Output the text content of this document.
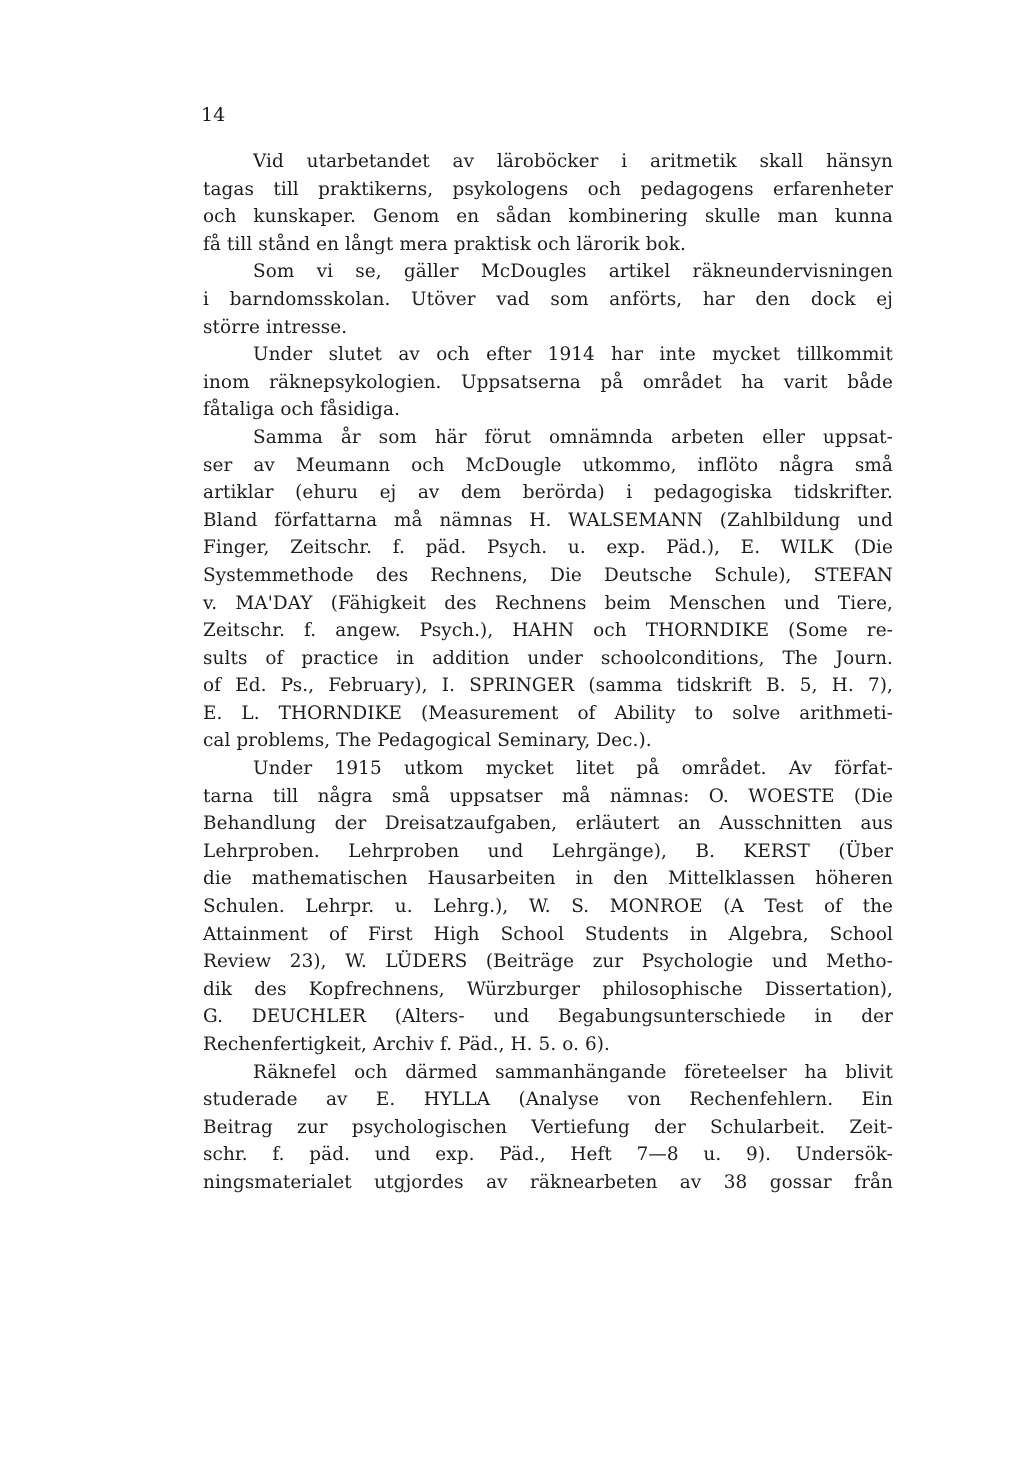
14
Vid utarbetandet av läroböcker i aritmetik skall hänsyn
tagas till praktikerns, psykologens och pedagogens erfarenheter
och kunskaper. Genom en sådan kombinering skulle man kunna
få till stånd en långt mera praktisk och lärorik bok.
Som vi se, gäller McDougles artikel räkneundervisningen
i barndomsskolan. Utöver vad som anförts, har den dock ej
större intresse.
Under slutet av och efter 1914 har inte mycket tillkommit
inom räknepsykologien. Uppsatserna på området ha varit både
fåtaliga och fåsidiga.
Samma år som här förut omnämnda arbeten eller uppsat-
ser av Meumann och McDougle utkommo, inflöto några små
artiklar (ehuru ej av dem berörda) i pedagogiska tidskrifter.
Bland författarna må nämnas H. WALSEMANN (Zahlbildung und
Finger, Zeitschr. f. päd. Psych. u. exp. Päd.), E. WILK (Die
Systemmethode des Rechnens, Die Deutsche Schule), STEFAN
v. MA'DAY (Fähigkeit des Rechnens beim Menschen und Tiere,
Zeitschr. f. angew. Psych.), HAHN och THORNDIKE (Some re-
sults of practice in addition under schoolconditions, The Journ.
of Ed. Ps., February), I. SPRINGER (samma tidskrift B. 5, H. 7),
E. L. THORNDIKE (Measurement of Ability to solve arithmeti-
cal problems, The Pedagogical Seminary, Dec.).
Under 1915 utkom mycket litet på området. Av förfat-
tarna till några små uppsatser må nämnas: O. WOESTE (Die
Behandlung der Dreisatzaufgaben, erläutert an Ausschnitten aus
Lehrproben. Lehrproben und Lehrgänge), B. KERST (Über
die mathematischen Hausarbeiten in den Mittelklassen höheren
Schulen. Lehrpr. u. Lehrg.), W. S. MONROE (A Test of the
Attainment of First High School Students in Algebra, School
Review 23), W. LÜDERS (Beiträge zur Psychologie und Metho-
dik des Kopfrechnens, Würzburger philosophische Dissertation),
G. DEUCHLER (Alters- und Begabungsunterschiede in der
Rechenfertigkeit, Archiv f. Päd., H. 5. o. 6).
Räknefel och därmed sammanhängande företeelser ha blivit
studerade av E. HYLLA (Analyse von Rechenfehlern. Ein
Beitrag zur psychologischen Vertiefung der Schularbeit. Zeit-
schr. f. päd. und exp. Päd., Heft 7—8 u. 9). Undersök-
ningsmaterialet utgjordes av räknearbeten av 38 gossar från
